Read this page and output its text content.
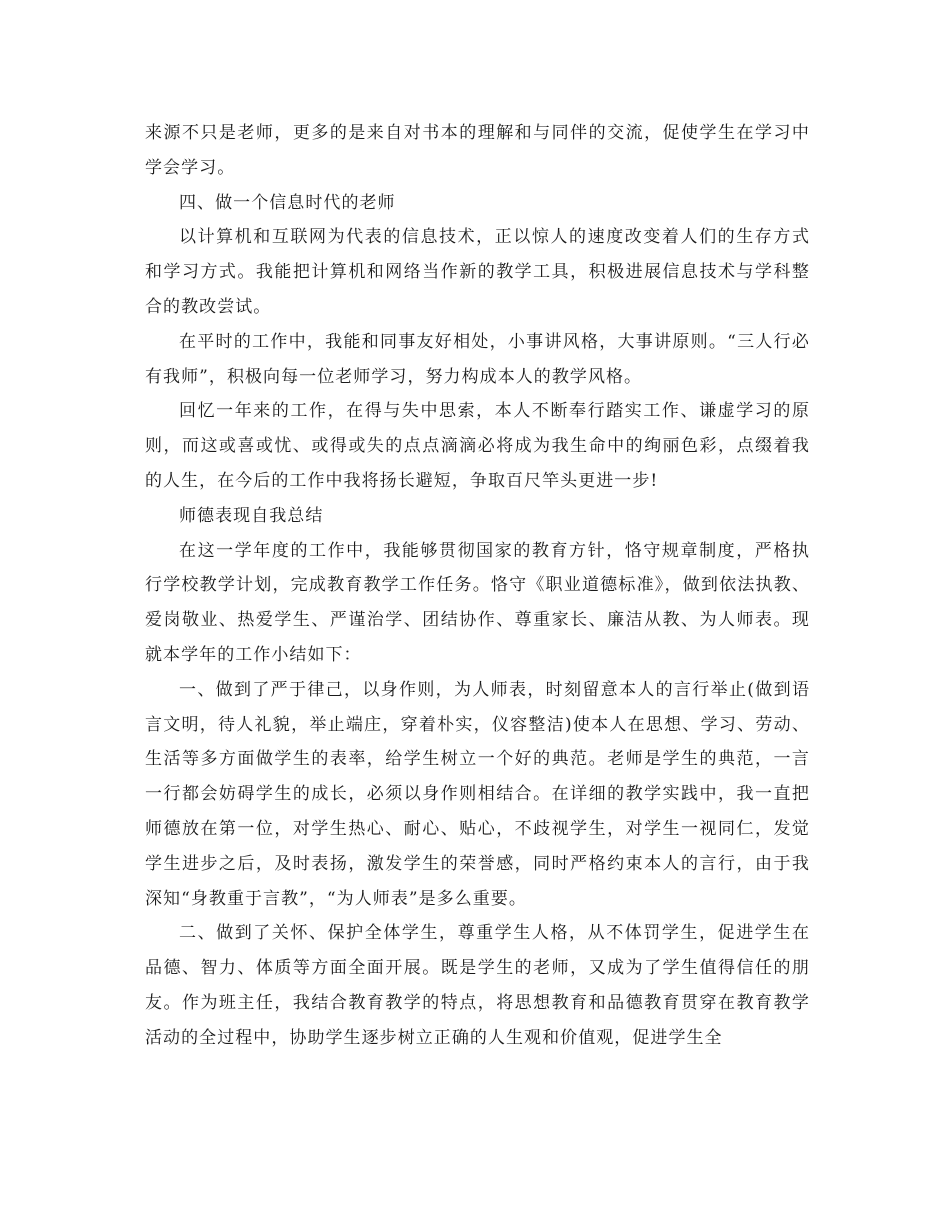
来源不只是老师，更多的是来自对书本的理解和与同伴的交流，促使学生在学习中学会学习。

四、做一个信息时代的老师

以计算机和互联网为代表的信息技术，正以惊人的速度改变着人们的生存方式和学习方式。我能把计算机和网络当作新的教学工具，积极进展信息技术与学科整合的教改尝试。

在平时的工作中，我能和同事友好相处，小事讲风格，大事讲原则。“三人行必有我师”，积极向每一位老师学习，努力构成本人的教学风格。

回忆一年来的工作，在得与失中思索，本人不断奉行踏实工作、谦虚学习的原则，而这或喜或忧、或得或失的点点滴滴必将成为我生命中的绚丽色彩，点缀着我的人生，在今后的工作中我将扬长避短，争取百尺竿头更进一步!

师德表现自我总结

在这一学年度的工作中，我能够贯彻国家的教育方针，恪守规章制度，严格执行学校教学计划，完成教育教学工作任务。恪守《职业道德标准》，做到依法执教、爱岗敬业、热爱学生、严谨治学、团结协作、尊重家长、廉洁从教、为人师表。现就本学年的工作小结如下：

一、做到了严于律己，以身作则，为人师表，时刻留意本人的言行举止(做到语言文明，待人礼貌，举止端庄，穿着朴实，仪容整洁)使本人在思想、学习、劳动、生活等多方面做学生的表率，给学生树立一个好的典范。老师是学生的典范，一言一行都会妨碍学生的成长，必须以身作则相结合。在详细的教学实践中，我一直把师德放在第一位，对学生热心、耐心、贴心，不歧视学生，对学生一视同仁，发觉学生进步之后，及时表扬，激发学生的荣誉感，同时严格约束本人的言行，由于我深知“身教重于言教”，“为人师表”是多么重要。

二、做到了关怀、保护全体学生，尊重学生人格，从不体罚学生，促进学生在品德、智力、体质等方面全面开展。既是学生的老师，又成为了学生值得信任的朋友。作为班主任，我结合教育教学的特点，将思想教育和品德教育贯穿在教育教学活动的全过程中，协助学生逐步树立正确的人生观和价值观，促进学生全
